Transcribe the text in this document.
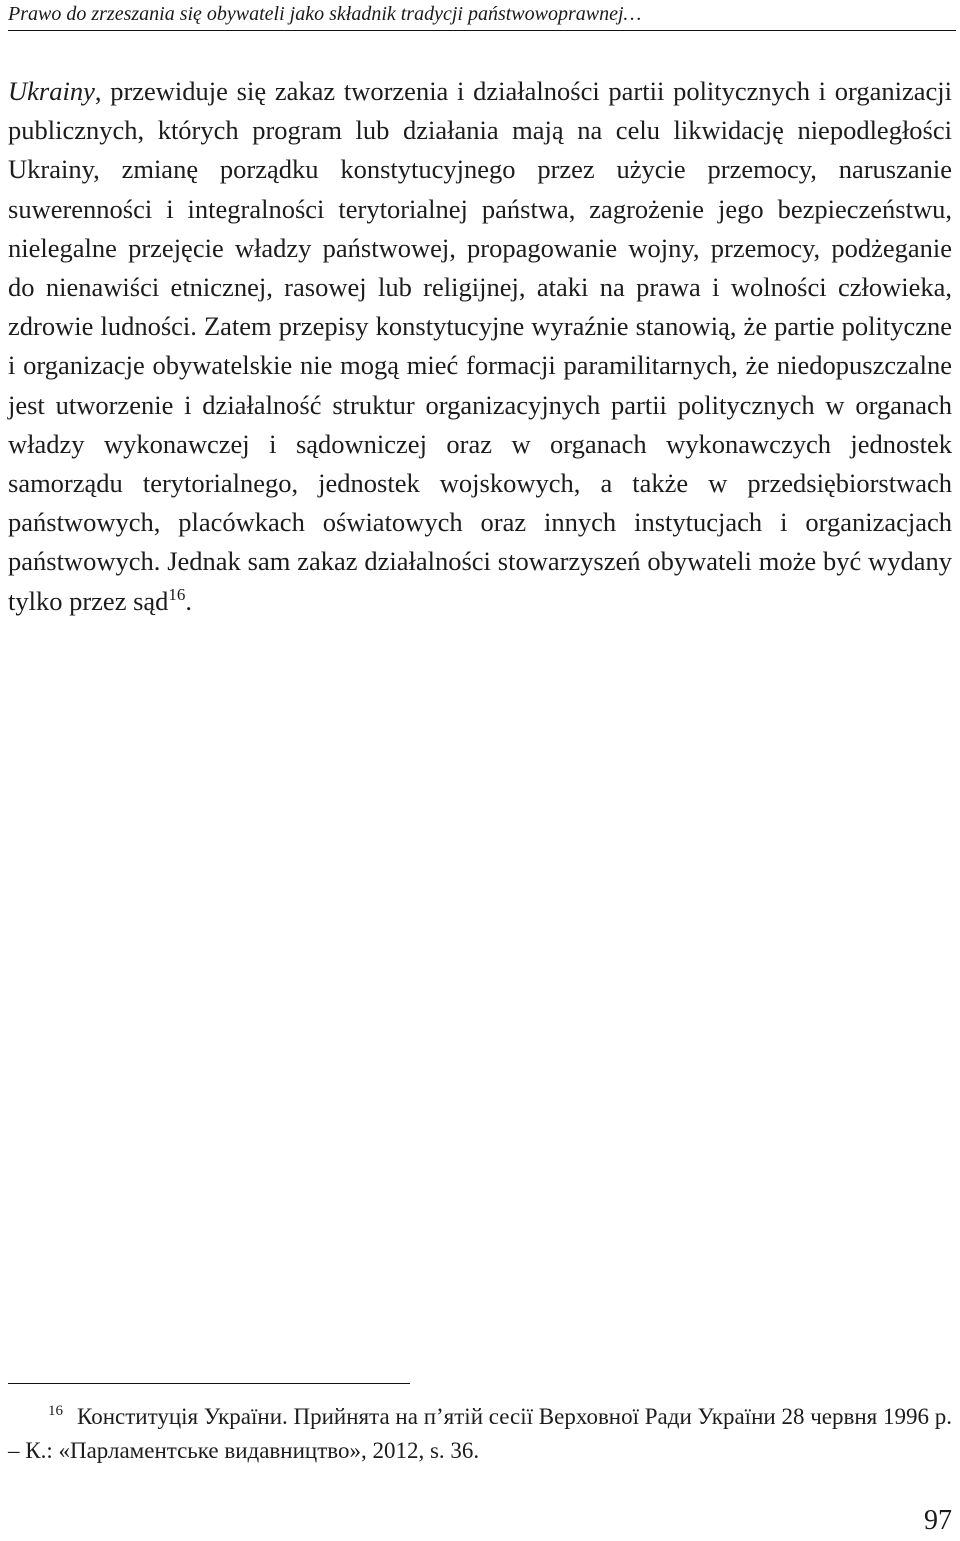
Prawo do zrzeszania się obywateli jako składnik tradycji państwowoprawnej…
Ukrainy, przewiduje się zakaz tworzenia i działalności partii politycznych i organizacji publicznych, których program lub działania mają na celu likwidację niepodległości Ukrainy, zmianę porządku konstytucyjnego przez użycie przemocy, naruszanie suwerenności i integralności terytorialnej państwa, zagrożenie jego bezpieczeństwu, nielegalne przejęcie władzy państwowej, propagowanie wojny, przemocy, podżeganie do nienawiści etnicznej, rasowej lub religijnej, ataki na prawa i wolności człowieka, zdrowie ludności. Zatem przepisy konstytucyjne wyraźnie stanowią, że partie polityczne i organizacje obywatelskie nie mogą mieć formacji paramilitarnych, że niedopuszczalne jest utworzenie i działalność struktur organizacyjnych partii politycznych w organach władzy wykonawczej i sądowniczej oraz w organach wykonawczych jednostek samorządu terytorialnego, jednostek wojskowych, a także w przedsiębiorstwach państwowych, placówkach oświatowych oraz innych instytucjach i organizacjach państwowych. Jednak sam zakaz działalności stowarzyszeń obywateli może być wydany tylko przez sąd$^{16}$.
$^{16}$ Конституція України. Прийнята на п’ятій сесії Верховної Ради України 28 червня 1996 р. – К.: «Парламентське видавництво», 2012, s. 36.
97
